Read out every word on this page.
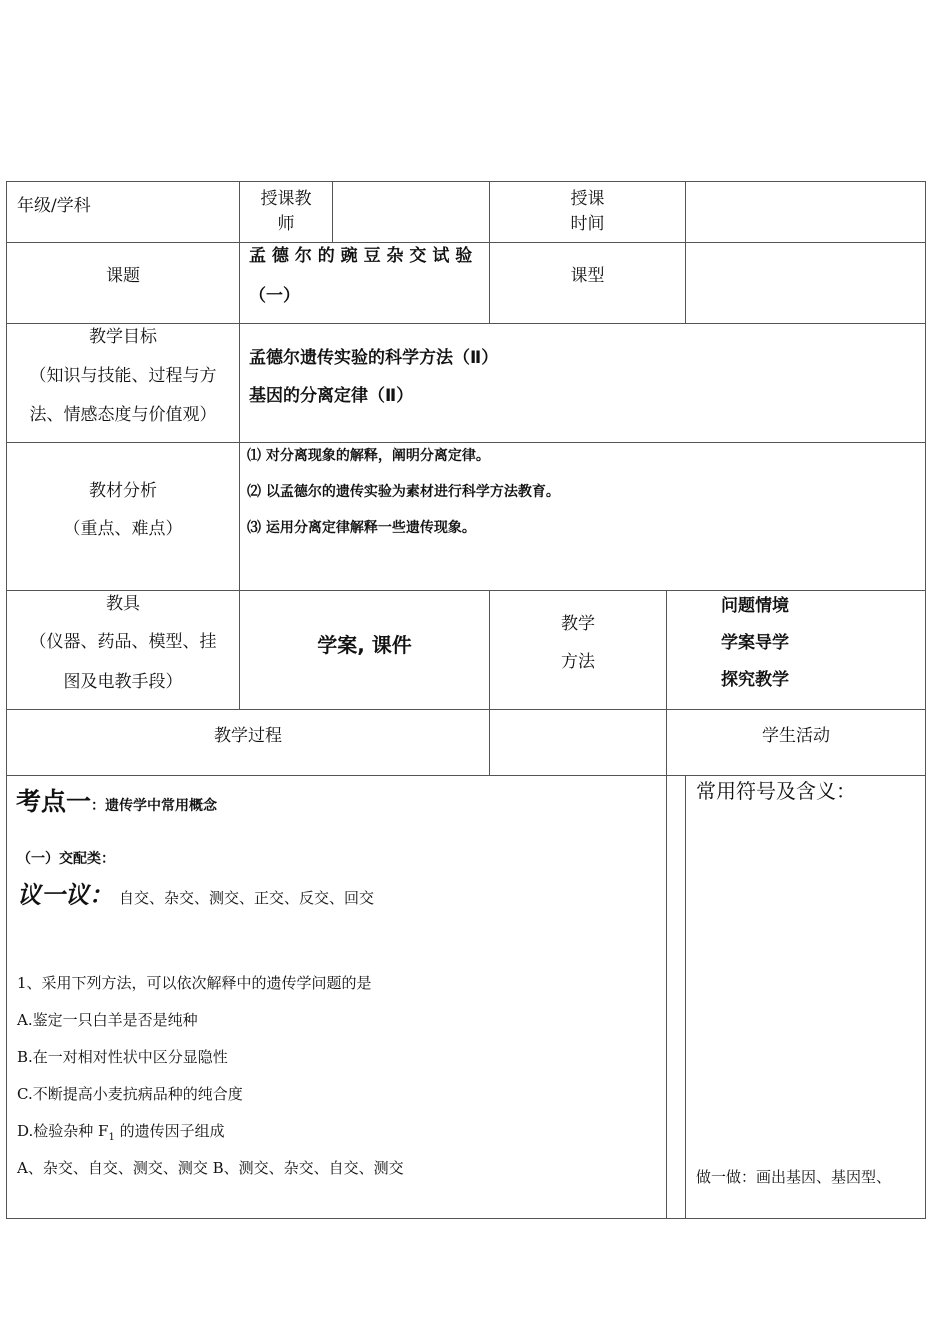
年级/学科	授课教
师
授课
时间
课题
孟 德 尔 的 豌 豆 杂 交 试 验
（一）
课型
教学目标
（知识与技能、过程与方
法、情感态度与价值观）
孟德尔遗传实验的科学方法（Ⅱ）
基因的分离定律（Ⅱ）
教材分析
（重点、难点）
⑴ 对分离现象的解释，阐明分离定律。
⑵ 以孟德尔的遗传实验为素材进行科学方法教育。
⑶ 运用分离定律解释一些遗传现象。
教具
（仪器、药品、模型、挂
图及电教手段）
学案, 课件
教学
方法
问题情境
学案导学
探究教学
教学过程	学生活动
考点一：遗传学中常用概念
（一）交配类：
议一议： 自交、杂交、测交、正交、反交、回交
1、采用下列方法，可以依次解释中的遗传学问题的是
A.鉴定一只白羊是否是纯种
B.在一对相对性状中区分显隐性
C.不断提高小麦抗病品种的纯合度
D.检验杂种 $F_1$ 的遗传因子组成
A、杂交、自交、测交、测交 B、测交、杂交、自交、测交
常用符号及含义：
做一做：画出基因、基因型、
